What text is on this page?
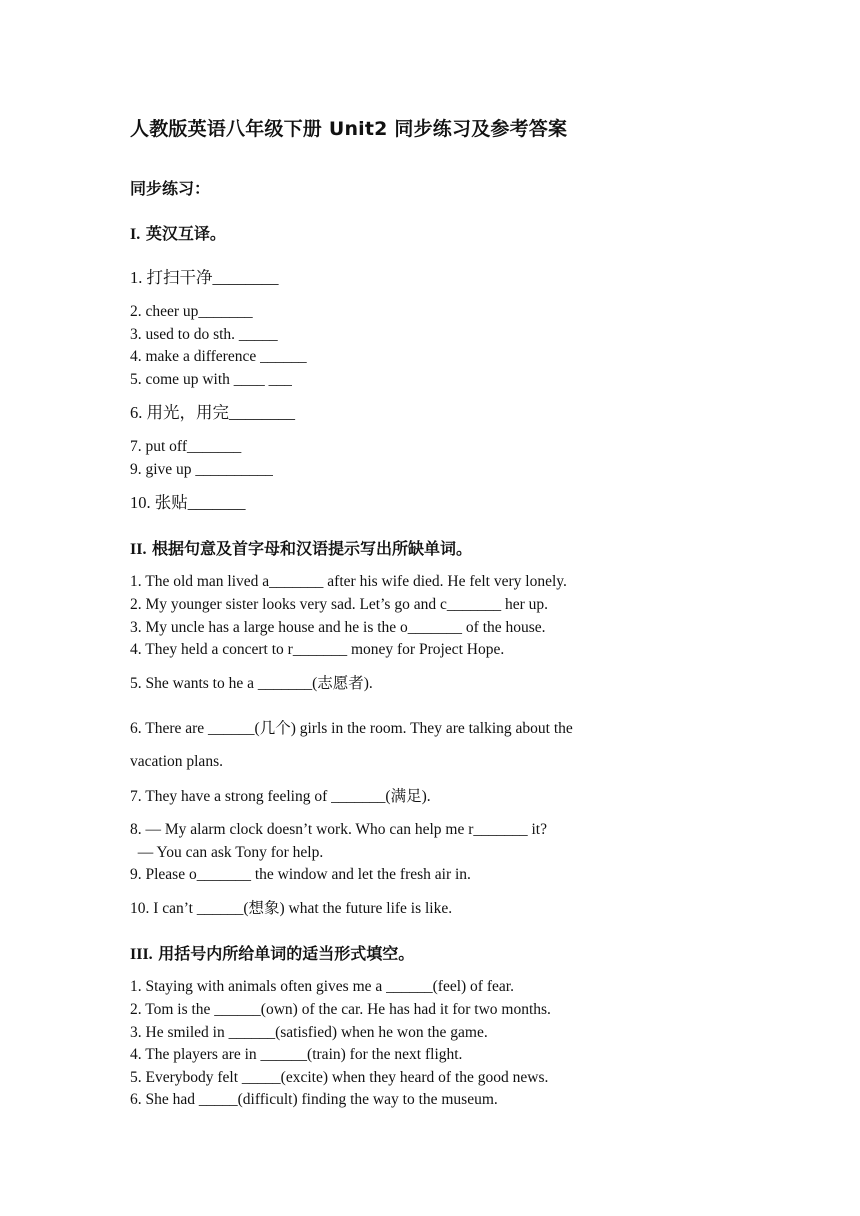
人教版英语八年级下册 Unit2 同步练习及参考答案
同步练习：
I. 英汉互译。
1. 打扫干净________
2. cheer up_______
3. used to do sth. _____
4. make a difference ______
5. come up with ____ ___
6. 用光，用完________
7. put off_______
9. give up __________
10. 张贴_______
II. 根据句意及首字母和汉语提示写出所缺单词。
1. The old man lived a_______ after his wife died. He felt very lonely.
2. My younger sister looks very sad. Let’s go and c_______ her up.
3. My uncle has a large house and he is the o_______ of the house.
4. They held a concert to r_______ money for Project Hope.
5. She wants to he a _______(志愿者).
6. There are ______(几个) girls in the room. They are talking about the
vacation plans.
7. They have a strong feeling of _______(满足).
8. — My alarm clock doesn’t work. Who can help me r_______ it?
— You can ask Tony for help.
9. Please o_______ the window and let the fresh air in.
10. I can’t ______(想象) what the future life is like.
III. 用括号内所给单词的适当形式填空。
1. Staying with animals often gives me a ______(feel) of fear.
2. Tom is the ______(own) of the car. He has had it for two months.
3. He smiled in ______(satisfied) when he won the game.
4. The players are in ______(train) for the next flight.
5. Everybody felt _____(excite) when they heard of the good news.
6. She had _____(difficult) finding the way to the museum.
